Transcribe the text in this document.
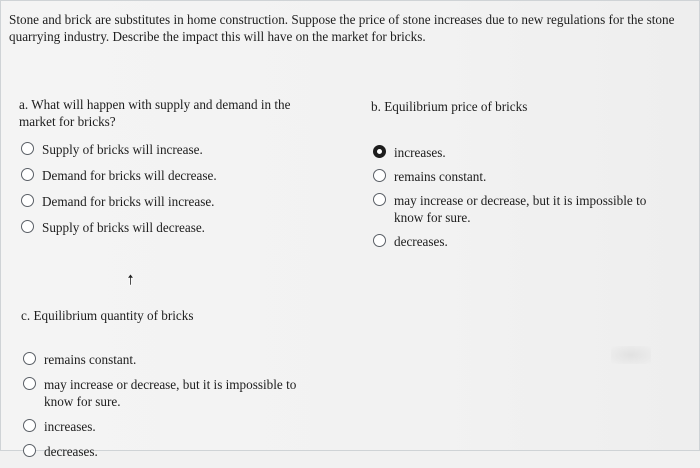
Stone and brick are substitutes in home construction. Suppose the price of stone increases due to new regulations for the stone quarrying industry. Describe the impact this will have on the market for bricks.
a. What will happen with supply and demand in the market for bricks?
Supply of bricks will increase.
Demand for bricks will decrease.
Demand for bricks will increase.
Supply of bricks will decrease.
b. Equilibrium price of bricks
increases.
remains constant.
may increase or decrease, but it is impossible to know for sure.
decreases.
c. Equilibrium quantity of bricks
remains constant.
may increase or decrease, but it is impossible to know for sure.
increases.
decreases.
